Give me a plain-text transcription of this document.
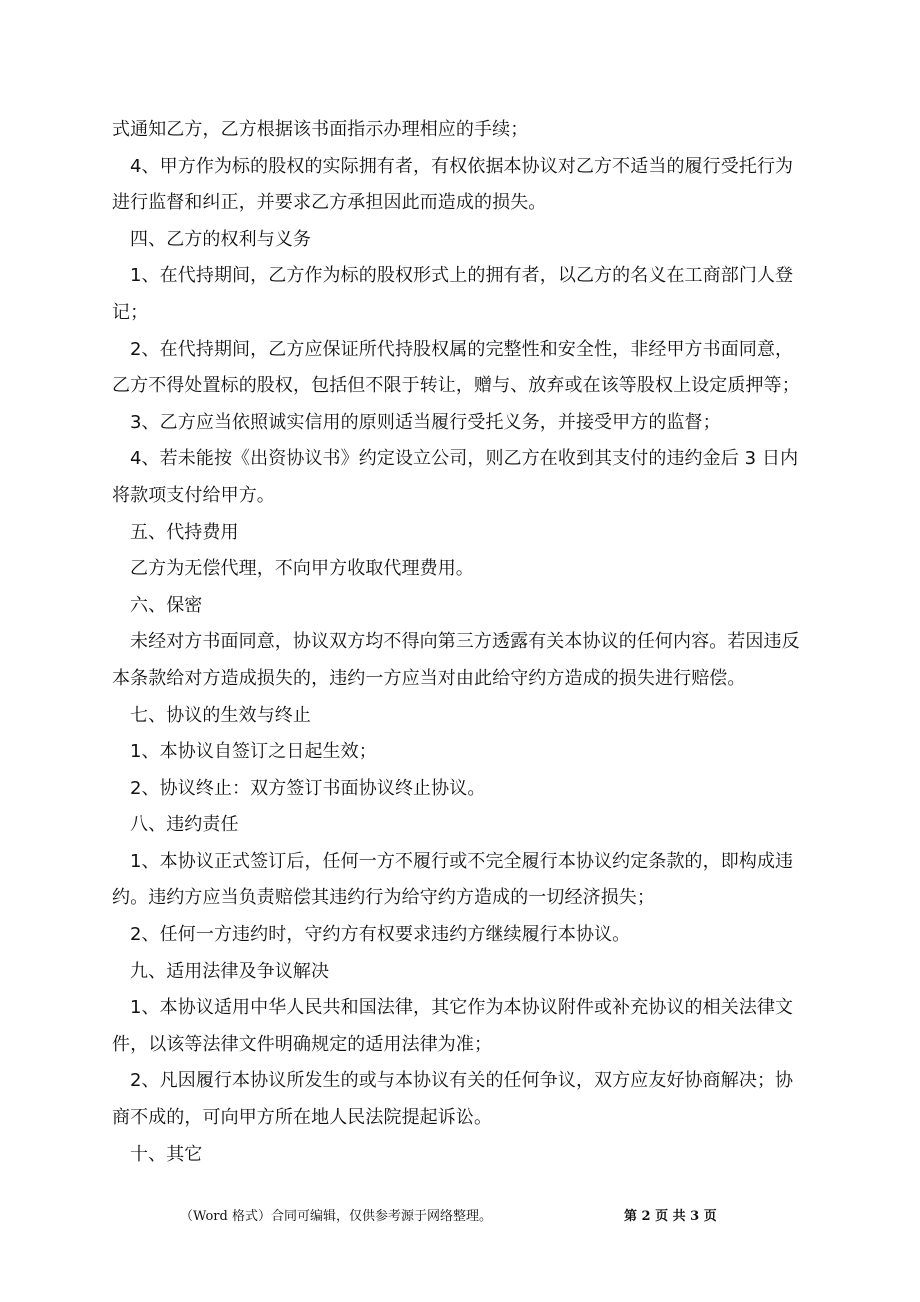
式通知乙方，乙方根据该书面指示办理相应的手续；
4、甲方作为标的股权的实际拥有者，有权依据本协议对乙方不适当的履行受托行为
进行监督和纠正，并要求乙方承担因此而造成的损失。
四、乙方的权利与义务
1、在代持期间，乙方作为标的股权形式上的拥有者，以乙方的名义在工商部门人登
记；
2、在代持期间，乙方应保证所代持股权属的完整性和安全性，非经甲方书面同意，
乙方不得处置标的股权，包括但不限于转让，赠与、放弃或在该等股权上设定质押等；
3、乙方应当依照诚实信用的原则适当履行受托义务，并接受甲方的监督；
4、若未能按《出资协议书》约定设立公司，则乙方在收到其支付的违约金后 3 日内
将款项支付给甲方。
五、代持费用
乙方为无偿代理，不向甲方收取代理费用。
六、保密
未经对方书面同意，协议双方均不得向第三方透露有关本协议的任何内容。若因违反
本条款给对方造成损失的，违约一方应当对由此给守约方造成的损失进行赔偿。
七、协议的生效与终止
1、本协议自签订之日起生效；
2、协议终止：双方签订书面协议终止协议。
八、违约责任
1、本协议正式签订后，任何一方不履行或不完全履行本协议约定条款的，即构成违
约。违约方应当负责赔偿其违约行为给守约方造成的一切经济损失；
2、任何一方违约时，守约方有权要求违约方继续履行本协议。
九、适用法律及争议解决
1、本协议适用中华人民共和国法律，其它作为本协议附件或补充协议的相关法律文
件，以该等法律文件明确规定的适用法律为准；
2、凡因履行本协议所发生的或与本协议有关的任何争议，双方应友好协商解决；协
商不成的，可向甲方所在地人民法院提起诉讼。
十、其它
（Word 格式）合同可编辑，仅供参考源于网络整理。	第 2 页 共 3 页
